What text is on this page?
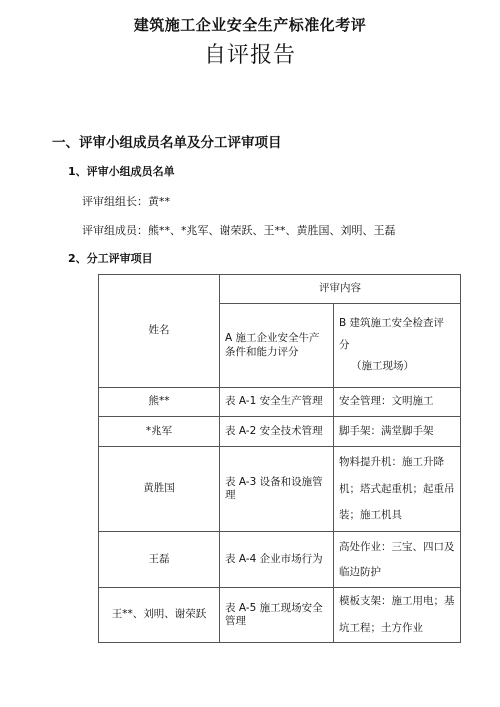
建筑施工企业安全生产标准化考评
自评报告
一、评审小组成员名单及分工评审项目
1、评审小组成员名单
评审组组长：黄**
评审组成员：熊**、*兆军、谢荣跃、王**、黄胜国、刘明、王磊
2、分工评审项目
姓名	评审内容	
	A 施工企业安全牛产条件和能力评分	B 建筑施工安全检查评
分
（施工现场）

熊**	表 A-1 安全生产管理	安全管理：文明施工
*兆军	表 A-2 安全技术管理	脚手架：满堂脚手架
黄胜国	表 A-3 设备和设施管理	物料提升机：施工升降
机；塔式起重机；起重吊
装；施工机具

王磊	表 A-4 企业市场行为	高处作业：三宝、四口及
临边防护

王**、刘明、谢荣跃	表 A-5 施工现场安全管理	模板支架：施工用电；基
坑工程；土方作业
